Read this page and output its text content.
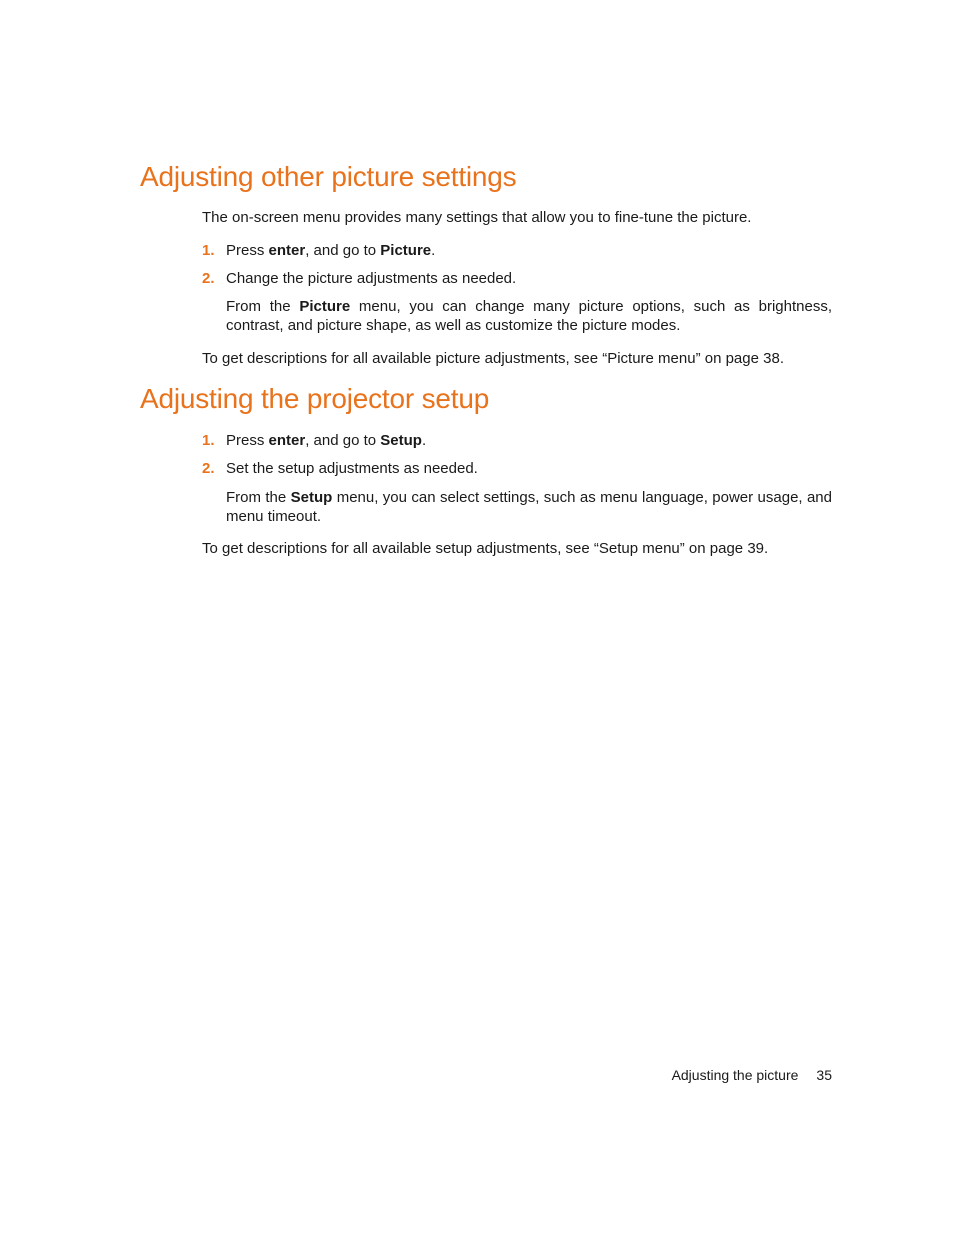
Adjusting other picture settings

The on-screen menu provides many settings that allow you to fine-tune the picture.

1. Press enter, and go to Picture.
2. Change the picture adjustments as needed.

From the Picture menu, you can change many picture options, such as brightness, contrast, and picture shape, as well as customize the picture modes.

To get descriptions for all available picture adjustments, see “Picture menu” on page 38.

Adjusting the projector setup
1. Press enter, and go to Setup.
2. Set the setup adjustments as needed.

From the Setup menu, you can select settings, such as menu language, power usage, and menu timeout.

To get descriptions for all available setup adjustments, see “Setup menu” on page 39.

Adjusting the picture 35
